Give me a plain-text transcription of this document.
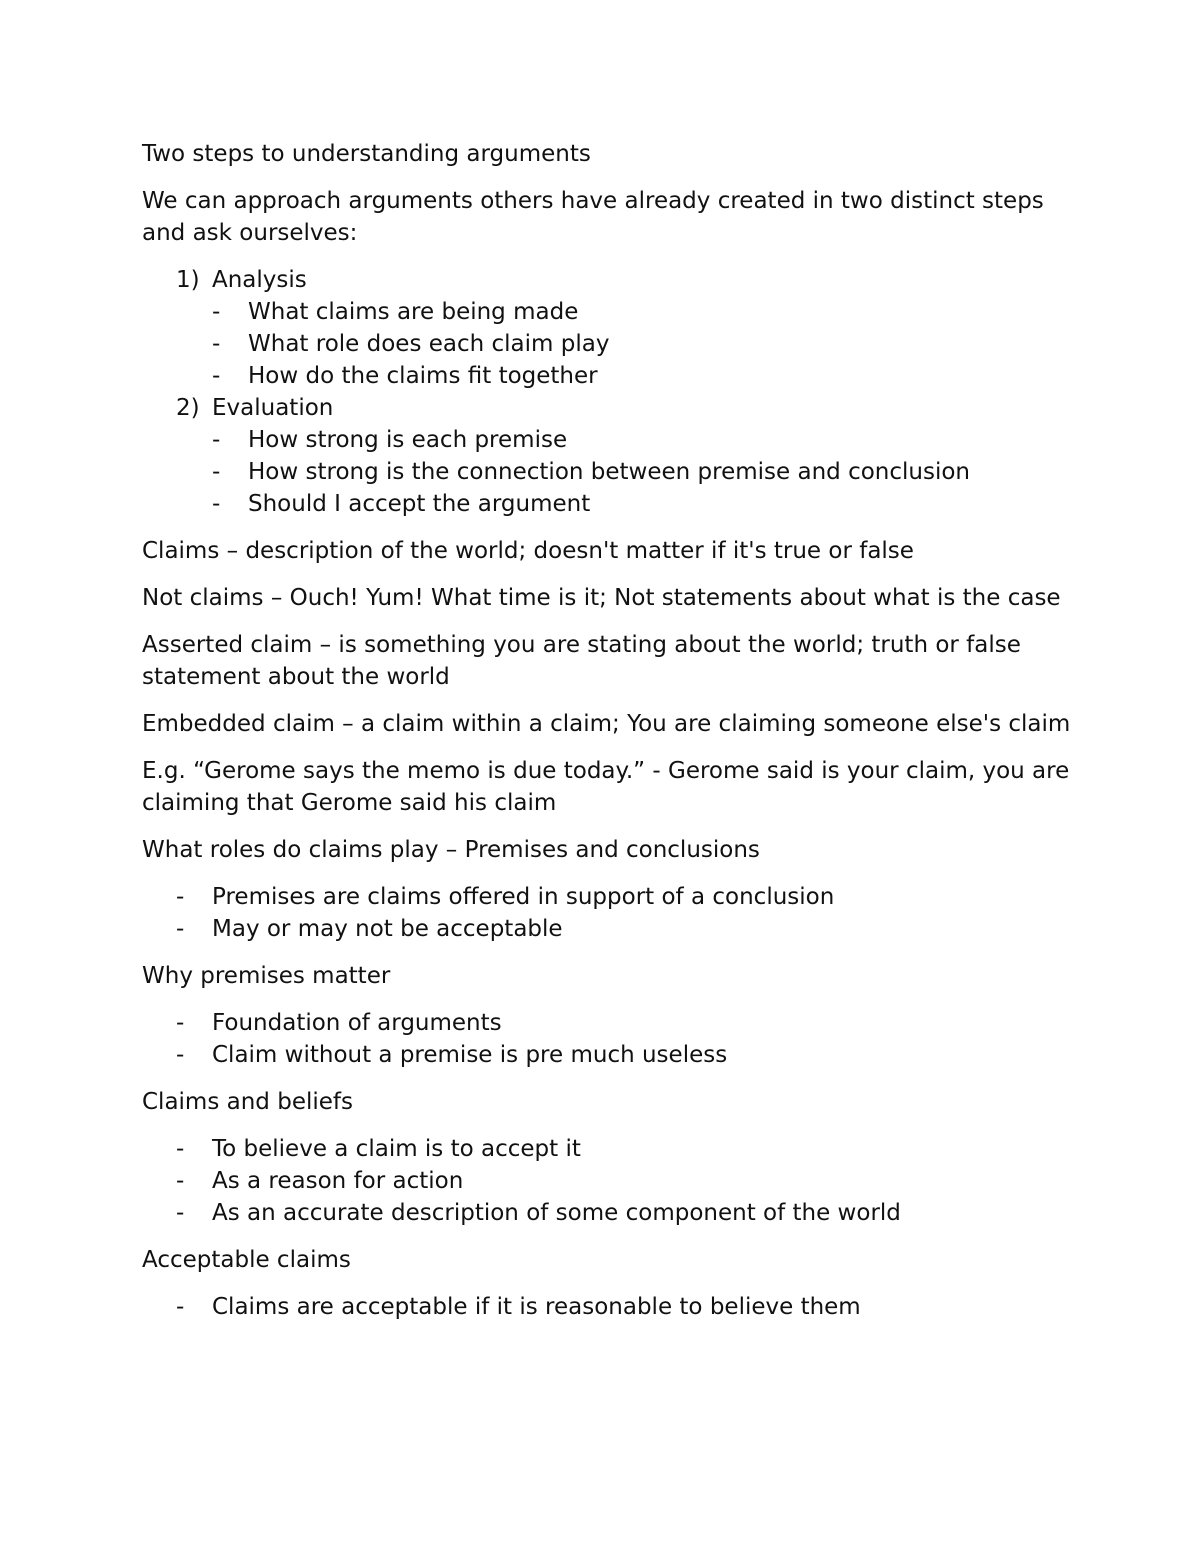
Two steps to understanding arguments

We can approach arguments others have already created in two distinct steps and ask ourselves:

1) Analysis
- What claims are being made
- What role does each claim play
- How do the claims fit together
2) Evaluation
- How strong is each premise
- How strong is the connection between premise and conclusion
- Should I accept the argument

Claims – description of the world; doesn't matter if it's true or false

Not claims – Ouch! Yum! What time is it; Not statements about what is the case

Asserted claim – is something you are stating about the world; truth or false statement about the world

Embedded claim – a claim within a claim; You are claiming someone else's claim

E.g. “Gerome says the memo is due today.” - Gerome said is your claim, you are claiming that Gerome said his claim

What roles do claims play – Premises and conclusions

- Premises are claims offered in support of a conclusion
- May or may not be acceptable

Why premises matter

- Foundation of arguments
- Claim without a premise is pre much useless

Claims and beliefs

- To believe a claim is to accept it
- As a reason for action
- As an accurate description of some component of the world

Acceptable claims

- Claims are acceptable if it is reasonable to believe them
